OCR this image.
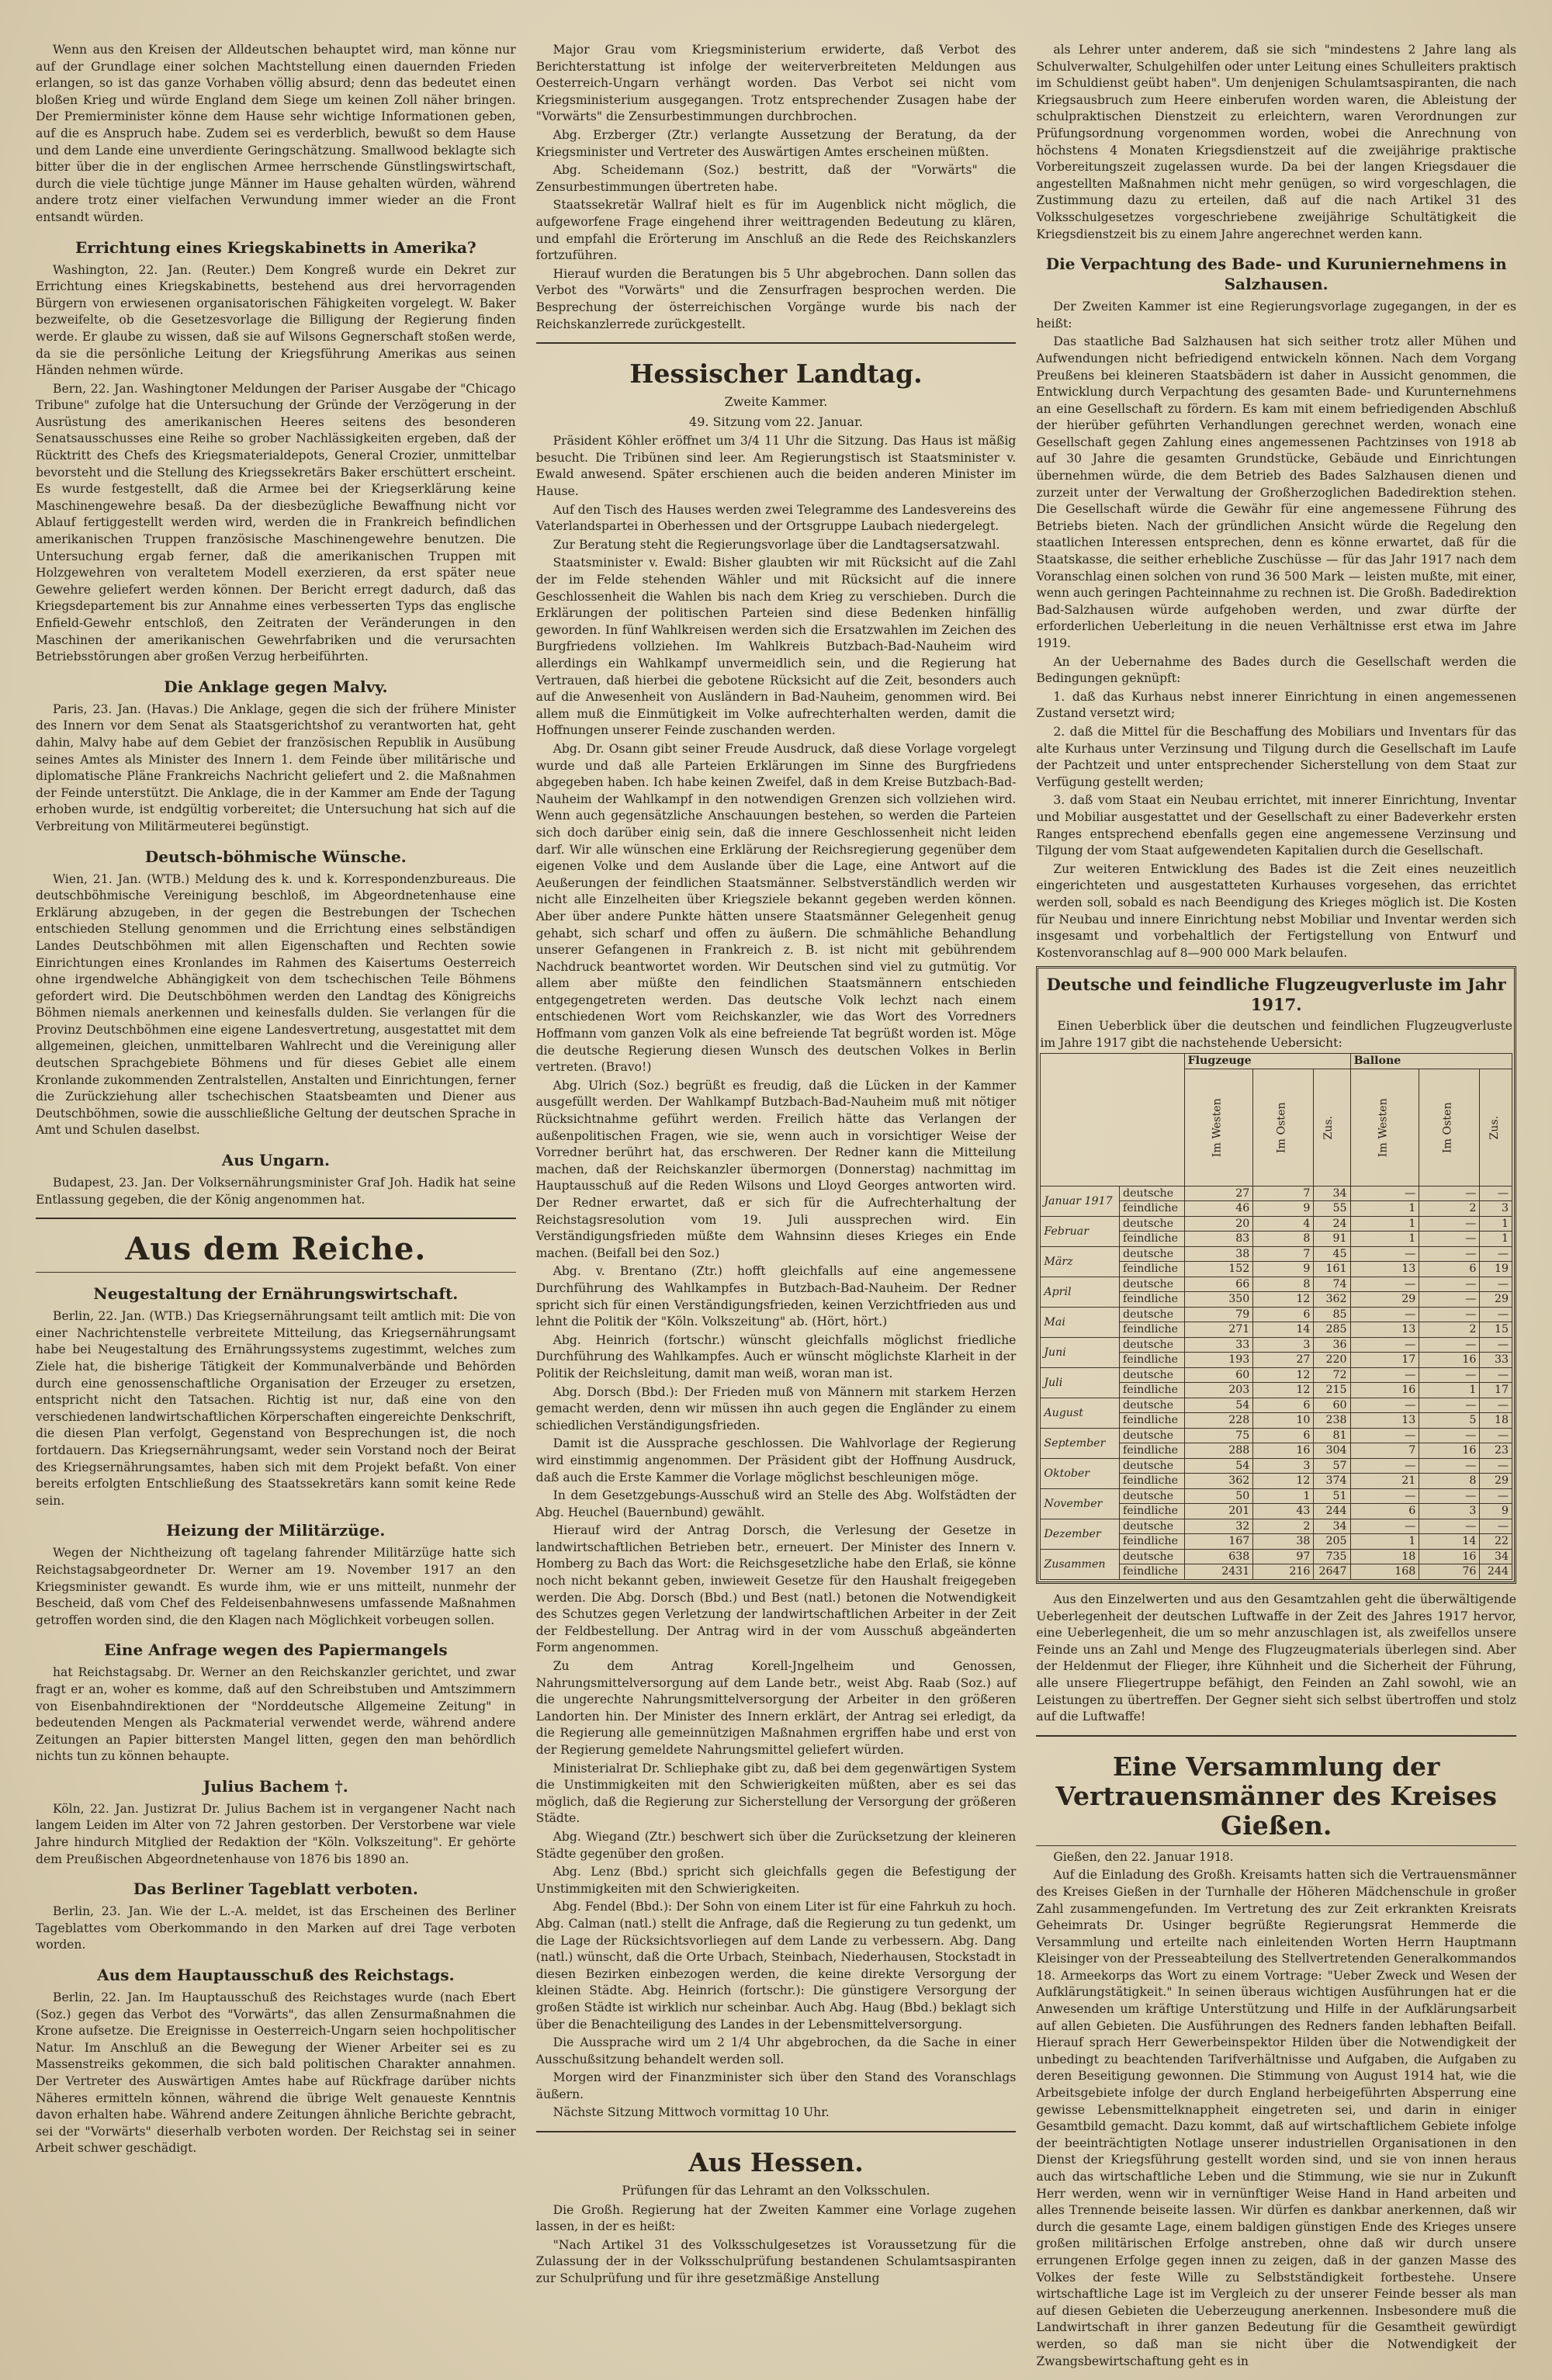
Wenn aus den Kreisen der Alldeutschen behauptet wird, man könne nur auf der Grundlage einer solchen Machtstellung einen dauernden Frieden erlangen, so ist das ganze Vorhaben völlig absurd; denn das bedeutet einen bloßen Krieg und würde England dem Siege um keinen Zoll näher bringen. Der Premierminister könne dem Hause sehr wichtige Informationen geben, auf die es Anspruch habe. Zudem sei es verderblich, bewußt so dem Hause und dem Lande eine unverdiente Geringschätzung. Smallwood beklagte sich bitter über die in der englischen Armee herrschende Günstlingswirtschaft, durch die viele tüchtige junge Männer im Hause gehalten würden, während andere trotz einer vielfachen Verwundung immer wieder an die Front entsandt würden.

Errichtung eines Kriegskabinetts in Amerika?

Washington, 22. Jan. (Reuter.) Dem Kongreß wurde ein Dekret zur Errichtung eines Kriegskabinetts, bestehend aus drei hervorragenden Bürgern von erwiesenen organisatorischen Fähigkeiten vorgelegt. W. Baker bezweifelte, ob die Gesetzesvorlage die Billigung der Regierung finden werde. Er glaube zu wissen, daß sie auf Wilsons Gegnerschaft stoßen werde, da sie die persönliche Leitung der Kriegsführung Amerikas aus seinen Händen nehmen würde.

Bern, 22. Jan. Washingtoner Meldungen der Pariser Ausgabe der "Chicago Tribune" zufolge hat die Untersuchung der Gründe der Verzögerung in der Ausrüstung des amerikanischen Heeres seitens des besonderen Senatsausschusses eine Reihe so grober Nachlässigkeiten ergeben, daß der Rücktritt des Chefs des Kriegsmaterialdepots, General Crozier, unmittelbar bevorsteht und die Stellung des Kriegssekretärs Baker erschüttert erscheint. Es wurde festgestellt, daß die Armee bei der Kriegserklärung keine Maschinengewehre besaß. Da der diesbezügliche Bewaffnung nicht vor Ablauf fertiggestellt werden wird, werden die in Frankreich befindlichen amerikanischen Truppen französische Maschinengewehre benutzen. Die Untersuchung ergab ferner, daß die amerikanischen Truppen mit Holzgewehren von veraltetem Modell exerzieren, da erst später neue Gewehre geliefert werden können. Der Bericht erregt dadurch, daß das Kriegsdepartement bis zur Annahme eines verbesserten Typs das englische Enfield-Gewehr entschloß, den Zeitraten der Veränderungen in den Maschinen der amerikanischen Gewehrfabriken und die verursachten Betriebsstörungen aber großen Verzug herbeiführten.

Die Anklage gegen Malvy.

Paris, 23. Jan. (Havas.) Die Anklage, gegen die sich der frühere Minister des Innern vor dem Senat als Staatsgerichtshof zu verantworten hat, geht dahin, Malvy habe auf dem Gebiet der französischen Republik in Ausübung seines Amtes als Minister des Innern 1. dem Feinde über militärische und diplomatische Pläne Frankreichs Nachricht geliefert und 2. die Maßnahmen der Feinde unterstützt. Die Anklage, die in der Kammer am Ende der Tagung erhoben wurde, ist endgültig vorbereitet; die Untersuchung hat sich auf die Verbreitung von Militärmeuterei begünstigt.

Deutsch-böhmische Wünsche.

Wien, 21. Jan. (WTB.) Meldung des k. und k. Korrespondenzbureaus. Die deutschböhmische Vereinigung beschloß, im Abgeordnetenhause eine Erklärung abzugeben, in der gegen die Bestrebungen der Tschechen entschieden Stellung genommen und die Errichtung eines selbständigen Landes Deutschböhmen mit allen Eigenschaften und Rechten sowie Einrichtungen eines Kronlandes im Rahmen des Kaisertums Oesterreich ohne irgendwelche Abhängigkeit von dem tschechischen Teile Böhmens gefordert wird. Die Deutschböhmen werden den Landtag des Königreichs Böhmen niemals anerkennen und keinesfalls dulden. Sie verlangen für die Provinz Deutschböhmen eine eigene Landesvertretung, ausgestattet mit dem allgemeinen, gleichen, unmittelbaren Wahlrecht und die Vereinigung aller deutschen Sprachgebiete Böhmens und für dieses Gebiet alle einem Kronlande zukommenden Zentralstellen, Anstalten und Einrichtungen, ferner die Zurückziehung aller tschechischen Staatsbeamten und Diener aus Deutschböhmen, sowie die ausschließliche Geltung der deutschen Sprache in Amt und Schulen daselbst.

Aus Ungarn.

Budapest, 23. Jan. Der Volksernährungsminister Graf Joh. Hadik hat seine Entlassung gegeben, die der König angenommen hat.

Aus dem Reiche.
Neugestaltung der Ernährungswirtschaft.

Berlin, 22. Jan. (WTB.) Das Kriegsernährungsamt teilt amtlich mit: Die von einer Nachrichtenstelle verbreitete Mitteilung, das Kriegsernährungsamt habe bei Neugestaltung des Ernährungssystems zugestimmt, welches zum Ziele hat, die bisherige Tätigkeit der Kommunalverbände und Behörden durch eine genossenschaftliche Organisation der Erzeuger zu ersetzen, entspricht nicht den Tatsachen. Richtig ist nur, daß eine von den verschiedenen landwirtschaftlichen Körperschaften eingereichte Denkschrift, die diesen Plan verfolgt, Gegenstand von Besprechungen ist, die noch fortdauern. Das Kriegsernährungsamt, weder sein Vorstand noch der Beirat des Kriegsernährungsamtes, haben sich mit dem Projekt befaßt. Von einer bereits erfolgten Entschließung des Staatssekretärs kann somit keine Rede sein.

Heizung der Militärzüge.

Wegen der Nichtheizung oft tagelang fahrender Militärzüge hatte sich Reichstagsabgeordneter Dr. Werner am 19. November 1917 an den Kriegsminister gewandt. Es wurde ihm, wie er uns mitteilt, nunmehr der Bescheid, daß vom Chef des Feldeisenbahnwesens umfassende Maßnahmen getroffen worden sind, die den Klagen nach Möglichkeit vorbeugen sollen.

Eine Anfrage wegen des Papiermangels

hat Reichstagsabg. Dr. Werner an den Reichskanzler gerichtet, und zwar fragt er an, woher es komme, daß auf den Schreibstuben und Amtszimmern von Eisenbahndirektionen der "Norddeutsche Allgemeine Zeitung" in bedeutenden Mengen als Packmaterial verwendet werde, während andere Zeitungen an Papier bittersten Mangel litten, gegen den man behördlich nichts tun zu können behaupte.

Julius Bachem †.

Köln, 22. Jan. Justizrat Dr. Julius Bachem ist in vergangener Nacht nach langem Leiden im Alter von 72 Jahren gestorben. Der Verstorbene war viele Jahre hindurch Mitglied der Redaktion der "Köln. Volkszeitung". Er gehörte dem Preußischen Abgeordnetenhause von 1876 bis 1890 an.

Das Berliner Tageblatt verboten.

Berlin, 23. Jan. Wie der L.-A. meldet, ist das Erscheinen des Berliner Tageblattes vom Oberkommando in den Marken auf drei Tage verboten worden.

Aus dem Hauptausschuß des Reichstags.

Berlin, 22. Jan. Im Hauptausschuß des Reichstages wurde (nach Ebert (Soz.) gegen das Verbot des "Vorwärts", das allen Zensurmaßnahmen die Krone aufsetze. Die Ereignisse in Oesterreich-Ungarn seien hochpolitischer Natur. Im Anschluß an die Bewegung der Wiener Arbeiter sei es zu Massenstreiks gekommen, die sich bald politischen Charakter annahmen. Der Vertreter des Auswärtigen Amtes habe auf Rückfrage darüber nichts Näheres ermitteln können, während die übrige Welt genaueste Kenntnis davon erhalten habe. Während andere Zeitungen ähnliche Berichte gebracht, sei der "Vorwärts" dieserhalb verboten worden. Der Reichstag sei in seiner Arbeit schwer geschädigt.

Major Grau vom Kriegsministerium erwiderte, daß Verbot des Berichterstattung ist infolge der weiterverbreiteten Meldungen aus Oesterreich-Ungarn verhängt worden. Das Verbot sei nicht vom Kriegsministerium ausgegangen. Trotz entsprechender Zusagen habe der "Vorwärts" die Zensurbestimmungen durchbrochen.

Abg. Erzberger (Ztr.) verlangte Aussetzung der Beratung, da der Kriegsminister und Vertreter des Auswärtigen Amtes erscheinen müßten.

Abg. Scheidemann (Soz.) bestritt, daß der "Vorwärts" die Zensurbestimmungen übertreten habe.

Staatssekretär Wallraf hielt es für im Augenblick nicht möglich, die aufgeworfene Frage eingehend ihrer weittragenden Bedeutung zu klären, und empfahl die Erörterung im Anschluß an die Rede des Reichskanzlers fortzuführen.

Hierauf wurden die Beratungen bis 5 Uhr abgebrochen. Dann sollen das Verbot des "Vorwärts" und die Zensurfragen besprochen werden. Die Besprechung der österreichischen Vorgänge wurde bis nach der Reichskanzlerrede zurückgestellt.

Hessischer Landtag.
Zweite Kammer.
49. Sitzung vom 22. Januar.

Präsident Köhler eröffnet um 3/4 11 Uhr die Sitzung. Das Haus ist mäßig besucht. Die Tribünen sind leer. Am Regierungstisch ist Staatsminister v. Ewald anwesend. Später erschienen auch die beiden anderen Minister im Hause.

Auf den Tisch des Hauses werden zwei Telegramme des Landesvereins des Vaterlandspartei in Oberhessen und der Ortsgruppe Laubach niedergelegt.

Zur Beratung steht die Regierungsvorlage über die Landtagsersatzwahl.

Staatsminister v. Ewald: Bisher glaubten wir mit Rücksicht auf die Zahl der im Felde stehenden Wähler und mit Rücksicht auf die innere Geschlossenheit die Wahlen bis nach dem Krieg zu verschieben. Durch die Erklärungen der politischen Parteien sind diese Bedenken hinfällig geworden. In fünf Wahlkreisen werden sich die Ersatzwahlen im Zeichen des Burgfriedens vollziehen. Im Wahlkreis Butzbach-Bad-Nauheim wird allerdings ein Wahlkampf unvermeidlich sein, und die Regierung hat Vertrauen, daß hierbei die gebotene Rücksicht auf die Zeit, besonders auch auf die Anwesenheit von Ausländern in Bad-Nauheim, genommen wird. Bei allem muß die Einmütigkeit im Volke aufrechterhalten werden, damit die Hoffnungen unserer Feinde zuschanden werden.

Abg. Dr. Osann gibt seiner Freude Ausdruck, daß diese Vorlage vorgelegt wurde und daß alle Parteien Erklärungen im Sinne des Burgfriedens abgegeben haben. Ich habe keinen Zweifel, daß in dem Kreise Butzbach-Bad-Nauheim der Wahlkampf in den notwendigen Grenzen sich vollziehen wird. Wenn auch gegensätzliche Anschauungen bestehen, so werden die Parteien sich doch darüber einig sein, daß die innere Geschlossenheit nicht leiden darf. Wir alle wünschen eine Erklärung der Reichsregierung gegenüber dem eigenen Volke und dem Auslande über die Lage, eine Antwort auf die Aeußerungen der feindlichen Staatsmänner. Selbstverständlich werden wir nicht alle Einzelheiten über Kriegsziele bekannt gegeben werden können. Aber über andere Punkte hätten unsere Staatsmänner Gelegenheit genug gehabt, sich scharf und offen zu äußern. Die schmähliche Behandlung unserer Gefangenen in Frankreich z. B. ist nicht mit gebührendem Nachdruck beantwortet worden. Wir Deutschen sind viel zu gutmütig. Vor allem aber müßte den feindlichen Staatsmännern entschieden entgegengetreten werden. Das deutsche Volk lechzt nach einem entschiedenen Wort vom Reichskanzler, wie das Wort des Vorredners Hoffmann vom ganzen Volk als eine befreiende Tat begrüßt worden ist. Möge die deutsche Regierung diesen Wunsch des deutschen Volkes in Berlin vertreten. (Bravo!)

Abg. Ulrich (Soz.) begrüßt es freudig, daß die Lücken in der Kammer ausgefüllt werden. Der Wahlkampf Butzbach-Bad-Nauheim muß mit nötiger Rücksichtnahme geführt werden. Freilich hätte das Verlangen der außenpolitischen Fragen, wie sie, wenn auch in vorsichtiger Weise der Vorredner berührt hat, das erschweren. Der Redner kann die Mitteilung machen, daß der Reichskanzler übermorgen (Donnerstag) nachmittag im Hauptausschuß auf die Reden Wilsons und Lloyd Georges antworten wird. Der Redner erwartet, daß er sich für die Aufrechterhaltung der Reichstagsresolution vom 19. Juli aussprechen wird. Ein Verständigungsfrieden müßte dem Wahnsinn dieses Krieges ein Ende machen. (Beifall bei den Soz.)

Abg. v. Brentano (Ztr.) hofft gleichfalls auf eine angemessene Durchführung des Wahlkampfes in Butzbach-Bad-Nauheim. Der Redner spricht sich für einen Verständigungsfrieden, keinen Verzichtfrieden aus und lehnt die Politik der "Köln. Volkszeitung" ab. (Hört, hört.)

Abg. Heinrich (fortschr.) wünscht gleichfalls möglichst friedliche Durchführung des Wahlkampfes. Auch er wünscht möglichste Klarheit in der Politik der Reichsleitung, damit man weiß, woran man ist.

Abg. Dorsch (Bbd.): Der Frieden muß von Männern mit starkem Herzen gemacht werden, denn wir müssen ihn auch gegen die Engländer zu einem schiedlichen Verständigungsfrieden.

Damit ist die Aussprache geschlossen. Die Wahlvorlage der Regierung wird einstimmig angenommen. Der Präsident gibt der Hoffnung Ausdruck, daß auch die Erste Kammer die Vorlage möglichst beschleunigen möge.

In dem Gesetzgebungs-Ausschuß wird an Stelle des Abg. Wolfstädten der Abg. Heuchel (Bauernbund) gewählt.

Hierauf wird der Antrag Dorsch, die Verlesung der Gesetze in landwirtschaftlichen Betrieben betr., erneuert. Der Minister des Innern v. Homberg zu Bach das Wort: die Reichsgesetzliche habe den Erlaß, sie könne noch nicht bekannt geben, inwieweit Gesetze für den Haushalt freigegeben werden. Die Abg. Dorsch (Bbd.) und Best (natl.) betonen die Notwendigkeit des Schutzes gegen Verletzung der landwirtschaftlichen Arbeiter in der Zeit der Feldbestellung. Der Antrag wird in der vom Ausschuß abgeänderten Form angenommen.

Zu dem Antrag Korell-Jngelheim und Genossen, Nahrungsmittelversorgung auf dem Lande betr., weist Abg. Raab (Soz.) auf die ungerechte Nahrungsmittelversorgung der Arbeiter in den größeren Landorten hin. Der Minister des Innern erklärt, der Antrag sei erledigt, da die Regierung alle gemeinnützigen Maßnahmen ergriffen habe und erst von der Regierung gemeldete Nahrungsmittel geliefert würden.

Ministerialrat Dr. Schliephake gibt zu, daß bei dem gegenwärtigen System die Unstimmigkeiten mit den Schwierigkeiten müßten, aber es sei das möglich, daß die Regierung zur Sicherstellung der Versorgung der größeren Städte.

Abg. Wiegand (Ztr.) beschwert sich über die Zurücksetzung der kleineren Städte gegenüber den großen.

Abg. Lenz (Bbd.) spricht sich gleichfalls gegen die Befestigung der Unstimmigkeiten mit den Schwierigkeiten.

Abg. Fendel (Bbd.): Der Sohn von einem Liter ist für eine Fahrkuh zu hoch. Abg. Calman (natl.) stellt die Anfrage, daß die Regierung zu tun gedenkt, um die Lage der Rücksichtsvorliegen auf dem Lande zu verbessern. Abg. Dang (natl.) wünscht, daß die Orte Urbach, Steinbach, Niederhausen, Stockstadt in diesen Bezirken einbezogen werden, die keine direkte Versorgung der kleinen Städte. Abg. Heinrich (fortschr.): Die günstigere Versorgung der großen Städte ist wirklich nur scheinbar. Auch Abg. Haug (Bbd.) beklagt sich über die Benachteiligung des Landes in der Lebensmittelversorgung.

Die Aussprache wird um 2 1/4 Uhr abgebrochen, da die Sache in einer Ausschußsitzung behandelt werden soll.

Morgen wird der Finanzminister sich über den Stand des Voranschlags äußern.

Nächste Sitzung Mittwoch vormittag 10 Uhr.

Aus Hessen.
Prüfungen für das Lehramt an den Volksschulen.

Die Großh. Regierung hat der Zweiten Kammer eine Vorlage zugehen lassen, in der es heißt:

"Nach Artikel 31 des Volksschulgesetzes ist Voraussetzung für die Zulassung der in der Volksschulprüfung bestandenen Schulamtsaspiranten zur Schulprüfung und für ihre gesetzmäßige Anstellung

als Lehrer unter anderem, daß sie sich "mindestens 2 Jahre lang als Schulverwalter, Schulgehilfen oder unter Leitung eines Schulleiters praktisch im Schuldienst geübt haben". Um denjenigen Schulamtsaspiranten, die nach Kriegsausbruch zum Heere einberufen worden waren, die Ableistung der schulpraktischen Dienstzeit zu erleichtern, waren Verordnungen zur Prüfungsordnung vorgenommen worden, wobei die Anrechnung von höchstens 4 Monaten Kriegsdienstzeit auf die zweijährige praktische Vorbereitungszeit zugelassen wurde. Da bei der langen Kriegsdauer die angestellten Maßnahmen nicht mehr genügen, so wird vorgeschlagen, die Zustimmung dazu zu erteilen, daß auf die nach Artikel 31 des Volksschulgesetzes vorgeschriebene zweijährige Schultätigkeit die Kriegsdienstzeit bis zu einem Jahre angerechnet werden kann.

Die Verpachtung des Bade- und Kuruniernehmens in Salzhausen.

Der Zweiten Kammer ist eine Regierungsvorlage zugegangen, in der es heißt:

Das staatliche Bad Salzhausen hat sich seither trotz aller Mühen und Aufwendungen nicht befriedigend entwickeln können. Nach dem Vorgang Preußens bei kleineren Staatsbädern ist daher in Aussicht genommen, die Entwicklung durch Verpachtung des gesamten Bade- und Kurunternehmens an eine Gesellschaft zu fördern. Es kam mit einem befriedigenden Abschluß der hierüber geführten Verhandlungen gerechnet werden, wonach eine Gesellschaft gegen Zahlung eines angemessenen Pachtzinses von 1918 ab auf 30 Jahre die gesamten Grundstücke, Gebäude und Einrichtungen übernehmen würde, die dem Betrieb des Bades Salzhausen dienen und zurzeit unter der Verwaltung der Großherzoglichen Badedirektion stehen. Die Gesellschaft würde die Gewähr für eine angemessene Führung des Betriebs bieten. Nach der gründlichen Ansicht würde die Regelung den staatlichen Interessen entsprechen, denn es könne erwartet, daß für die Staatskasse, die seither erhebliche Zuschüsse — für das Jahr 1917 nach dem Voranschlag einen solchen von rund 36 500 Mark — leisten mußte, mit einer, wenn auch geringen Pachteinnahme zu rechnen ist. Die Großh. Badedirektion Bad-Salzhausen würde aufgehoben werden, und zwar dürfte der erforderlichen Ueberleitung in die neuen Verhältnisse erst etwa im Jahre 1919.

An der Uebernahme des Bades durch die Gesellschaft werden die Bedingungen geknüpft:

1. daß das Kurhaus nebst innerer Einrichtung in einen angemessenen Zustand versetzt wird;

2. daß die Mittel für die Beschaffung des Mobiliars und Inventars für das alte Kurhaus unter Verzinsung und Tilgung durch die Gesellschaft im Laufe der Pachtzeit und unter entsprechender Sicherstellung von dem Staat zur Verfügung gestellt werden;

3. daß vom Staat ein Neubau errichtet, mit innerer Einrichtung, Inventar und Mobiliar ausgestattet und der Gesellschaft zu einer Badeverkehr ersten Ranges entsprechend ebenfalls gegen eine angemessene Verzinsung und Tilgung der vom Staat aufgewendeten Kapitalien durch die Gesellschaft.

Zur weiteren Entwicklung des Bades ist die Zeit eines neuzeitlich eingerichteten und ausgestatteten Kurhauses vorgesehen, das errichtet werden soll, sobald es nach Beendigung des Krieges möglich ist. Die Kosten für Neubau und innere Einrichtung nebst Mobiliar und Inventar werden sich insgesamt und vorbehaltlich der Fertigstellung von Entwurf und Kostenvoranschlag auf 8—900 000 Mark belaufen.

Deutsche und feindliche Flugzeugverluste im Jahr 1917.

Einen Ueberblick über die deutschen und feindlichen Flugzeugverluste im Jahre 1917 gibt die nachstehende Uebersicht:

		Flugzeuge			Ballone		
		Im Westen	Im Osten	Zus.	Im Westen	Im Osten	Zus.
Januar 1917	deutsche	27	7	34	—	—	—
	feindliche	46	9	55	1	2	3
Februar	deutsche	20	4	24	1	—	1
	feindliche	83	8	91	1	—	1
März	deutsche	38	7	45	—	—	—
	feindliche	152	9	161	13	6	19
April	deutsche	66	8	74	—	—	—
	feindliche	350	12	362	29	—	29
Mai	deutsche	79	6	85	—	—	—
	feindliche	271	14	285	13	2	15
Juni	deutsche	33	3	36	—	—	—
	feindliche	193	27	220	17	16	33
Juli	deutsche	60	12	72	—	—	—
	feindliche	203	12	215	16	1	17
August	deutsche	54	6	60	—	—	—
	feindliche	228	10	238	13	5	18
September	deutsche	75	6	81	—	—	—
	feindliche	288	16	304	7	16	23
Oktober	deutsche	54	3	57	—	—	—
	feindliche	362	12	374	21	8	29
November	deutsche	50	1	51	—	—	—
	feindliche	201	43	244	6	3	9
Dezember	deutsche	32	2	34	—	—	—
	feindliche	167	38	205	1	14	22
Zusammen	deutsche	638	97	735	18	16	34
	feindliche	2431	216	2647	168	76	244

Aus den Einzelwerten und aus den Gesamtzahlen geht die überwältigende Ueberlegenheit der deutschen Luftwaffe in der Zeit des Jahres 1917 hervor, eine Ueberlegenheit, die um so mehr anzuschlagen ist, als zweifellos unsere Feinde uns an Zahl und Menge des Flugzeugmaterials überlegen sind. Aber der Heldenmut der Flieger, ihre Kühnheit und die Sicherheit der Führung, alle unsere Fliegertruppe befähigt, den Feinden an Zahl sowohl, wie an Leistungen zu übertreffen. Der Gegner sieht sich selbst übertroffen und stolz auf die Luftwaffe!

Eine Versammlung der Vertrauensmänner des Kreises Gießen.

Gießen, den 22. Januar 1918.

Auf die Einladung des Großh. Kreisamts hatten sich die Vertrauensmänner des Kreises Gießen in der Turnhalle der Höheren Mädchenschule in großer Zahl zusammengefunden. Im Vertretung des zur Zeit erkrankten Kreisrats Geheimrats Dr. Usinger begrüßte Regierungsrat Hemmerde die Versammlung und erteilte nach einleitenden Worten Herrn Hauptmann Kleisinger von der Presseabteilung des Stellvertretenden Generalkommandos 18. Armeekorps das Wort zu einem Vortrage: "Ueber Zweck und Wesen der Aufklärungstätigkeit." In seinen überaus wichtigen Ausführungen hat er die Anwesenden um kräftige Unterstützung und Hilfe in der Aufklärungsarbeit auf allen Gebieten. Die Ausführungen des Redners fanden lebhaften Beifall. Hierauf sprach Herr Gewerbeinspektor Hilden über die Notwendigkeit der unbedingt zu beachtenden Tarifverhältnisse und Aufgaben, die Aufgaben zu deren Beseitigung gewonnen. Die Stimmung von August 1914 hat, wie die Arbeitsgebiete infolge der durch England herbeigeführten Absperrung eine gewisse Lebensmittelknappheit eingetreten sei, und darin in einiger Gesamtbild gemacht. Dazu kommt, daß auf wirtschaftlichem Gebiete infolge der beeinträchtigten Notlage unserer industriellen Organisationen in den Dienst der Kriegsführung gestellt worden sind, und sie von innen heraus auch das wirtschaftliche Leben und die Stimmung, wie sie nur in Zukunft Herr werden, wenn wir in vernünftiger Weise Hand in Hand arbeiten und alles Trennende beiseite lassen. Wir dürfen es dankbar anerkennen, daß wir durch die gesamte Lage, einem baldigen günstigen Ende des Krieges unsere großen militärischen Erfolge anstreben, ohne daß wir durch unsere errungenen Erfolge gegen innen zu zeigen, daß in der ganzen Masse des Volkes der feste Wille zu Selbstständigkeit fortbestehe. Unsere wirtschaftliche Lage ist im Vergleich zu der unserer Feinde besser als man auf diesen Gebieten die Ueberzeugung anerkennen. Insbesondere muß die Landwirtschaft in ihrer ganzen Bedeutung für die Gesamtheit gewürdigt werden, so daß man sie nicht über die Notwendigkeit der Zwangsbewirtschaftung geht es in
